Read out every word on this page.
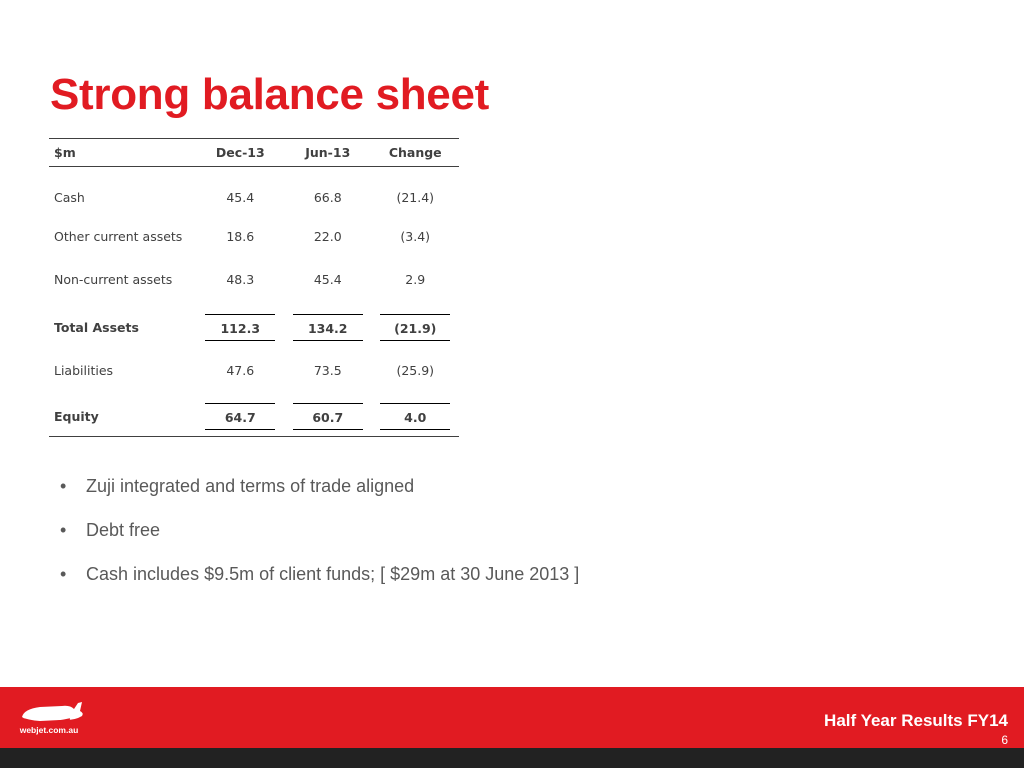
Strong balance sheet
$m	Dec-13	Jun-13	Change
Cash	45.4	66.8	(21.4)
Other current assets	18.6	22.0	(3.4)
Non-current assets	48.3	45.4	2.9
Total Assets	112.3	134.2	(21.9)
Liabilities	47.6	73.5	(25.9)
Equity	64.7	60.7	4.0
• Zuji integrated and terms of trade aligned
• Debt free
• Cash includes $9.5m of client funds; [ $29m at 30 June 2013 ]
webjet.com.au	Half Year Results FY14
6
